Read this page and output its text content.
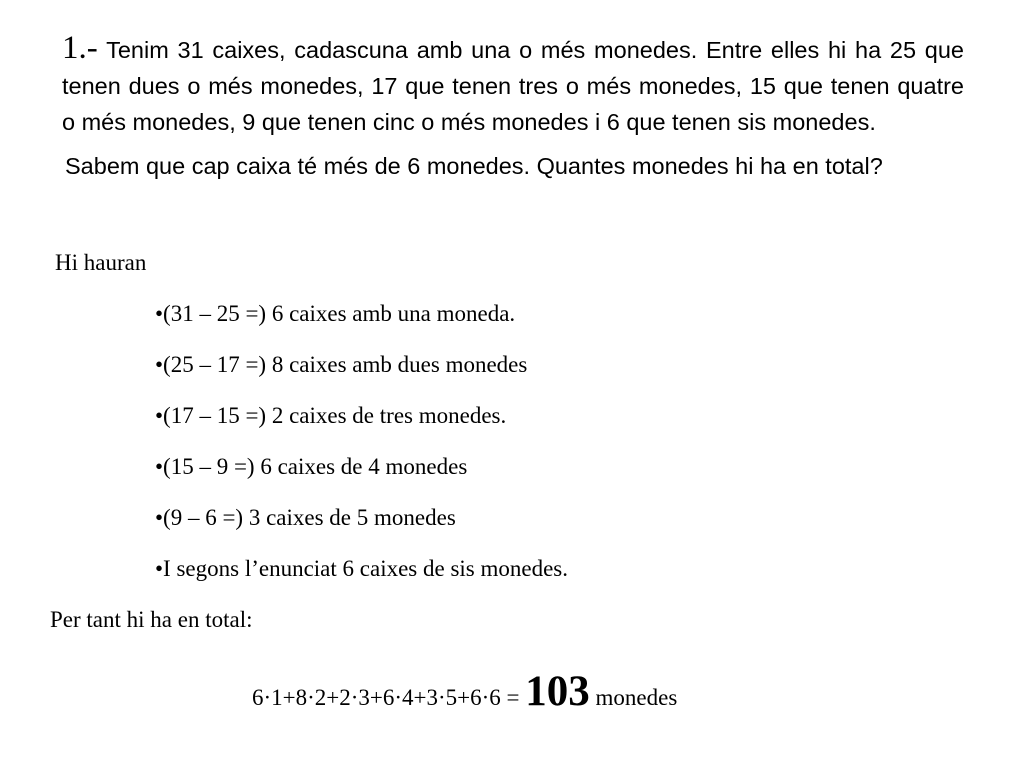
1.- Tenim 31 caixes, cadascuna amb una o més monedes. Entre elles hi ha 25 que tenen dues o més monedes, 17 que tenen tres o més monedes, 15 que tenen quatre o més monedes, 9 que tenen cinc o més monedes i 6 que tenen sis monedes.

Sabem que cap caixa té més de 6 monedes. Quantes monedes hi ha en total?

Hi hauran

•(31 – 25 =) 6 caixes amb una moneda.
•(25 – 17 =) 8 caixes amb dues monedes
•(17 – 15 =) 2 caixes de tres monedes.
•(15 – 9 =) 6 caixes de 4 monedes
•(9 – 6 =) 3 caixes de 5 monedes
•I segons l’enunciat 6 caixes de sis monedes.

Per tant hi ha en total:

6·1+8·2+2·3+6·4+3·5+6·6 = 103 monedes
